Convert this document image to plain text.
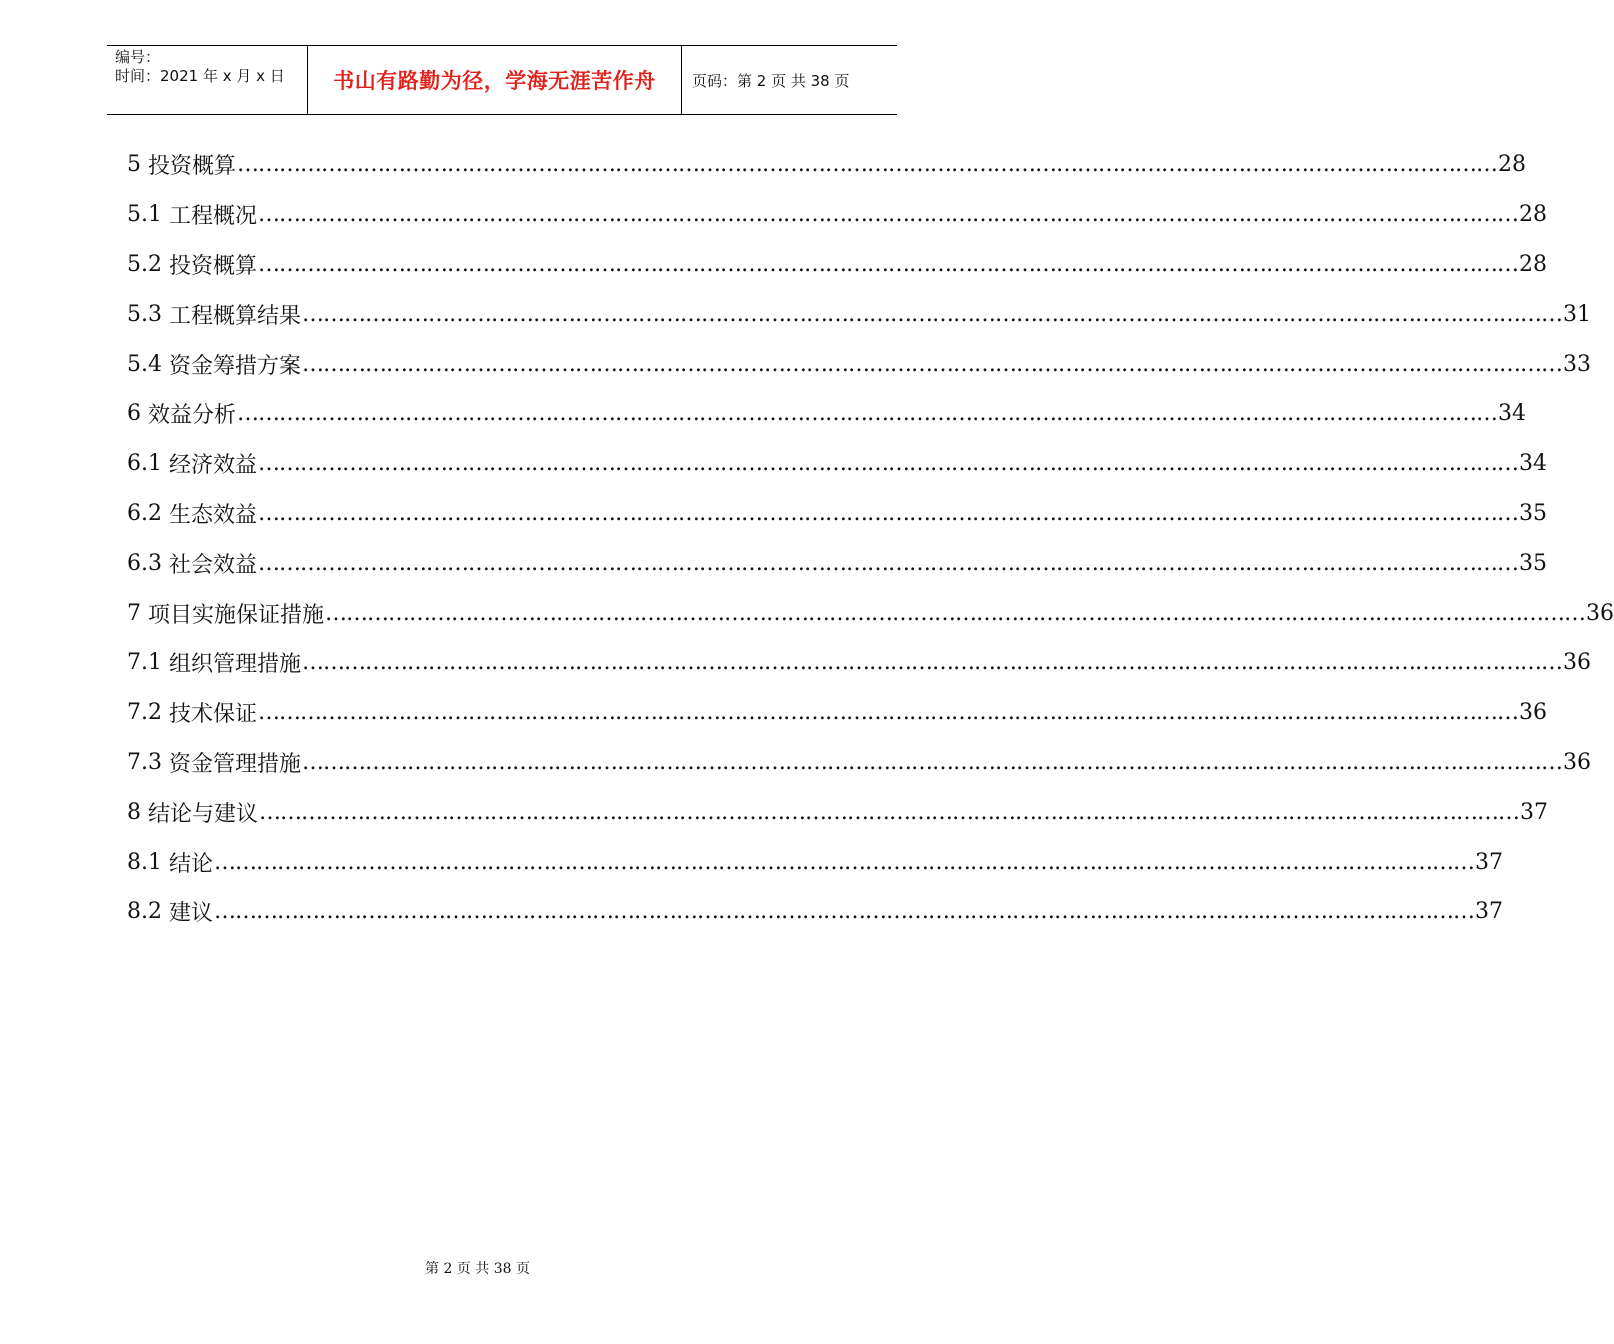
编号：
时间：2021 年 x 月 x 日	书山有路勤为径，学海无涯苦作舟	页码：第 2 页 共 38 页
5
投资概算 ……………………………………………………………………………………………………………………………………………………………… 28
5.1
工程概况 ……………………………………………………………………………………………………………………………………………………………… 28
5.2
投资概算 ……………………………………………………………………………………………………………………………………………………………… 28
5.3
工程概算结果 ……………………………………………………………………………………………………………………………………………………………… 31
5.4
资金筹措方案 ……………………………………………………………………………………………………………………………………………………………… 33
6
效益分析 ……………………………………………………………………………………………………………………………………………………………… 34
6.1
经济效益 ……………………………………………………………………………………………………………………………………………………………… 34
6.2
生态效益 ……………………………………………………………………………………………………………………………………………………………… 35
6.3
社会效益 ……………………………………………………………………………………………………………………………………………………………… 35
7
项目实施保证措施 ……………………………………………………………………………………………………………………………………………………………… 36
7.1
组织管理措施 ……………………………………………………………………………………………………………………………………………………………… 36
7.2
技术保证 ……………………………………………………………………………………………………………………………………………………………… 36
7.3
资金管理措施 ……………………………………………………………………………………………………………………………………………………………… 36
8
结论与建议 ……………………………………………………………………………………………………………………………………………………………… 37
8.1
结论 ……………………………………………………………………………………………………………………………………………………………… 37
8.2
建议 ……………………………………………………………………………………………………………………………………………………………… 37
第 2 页 共 38 页
